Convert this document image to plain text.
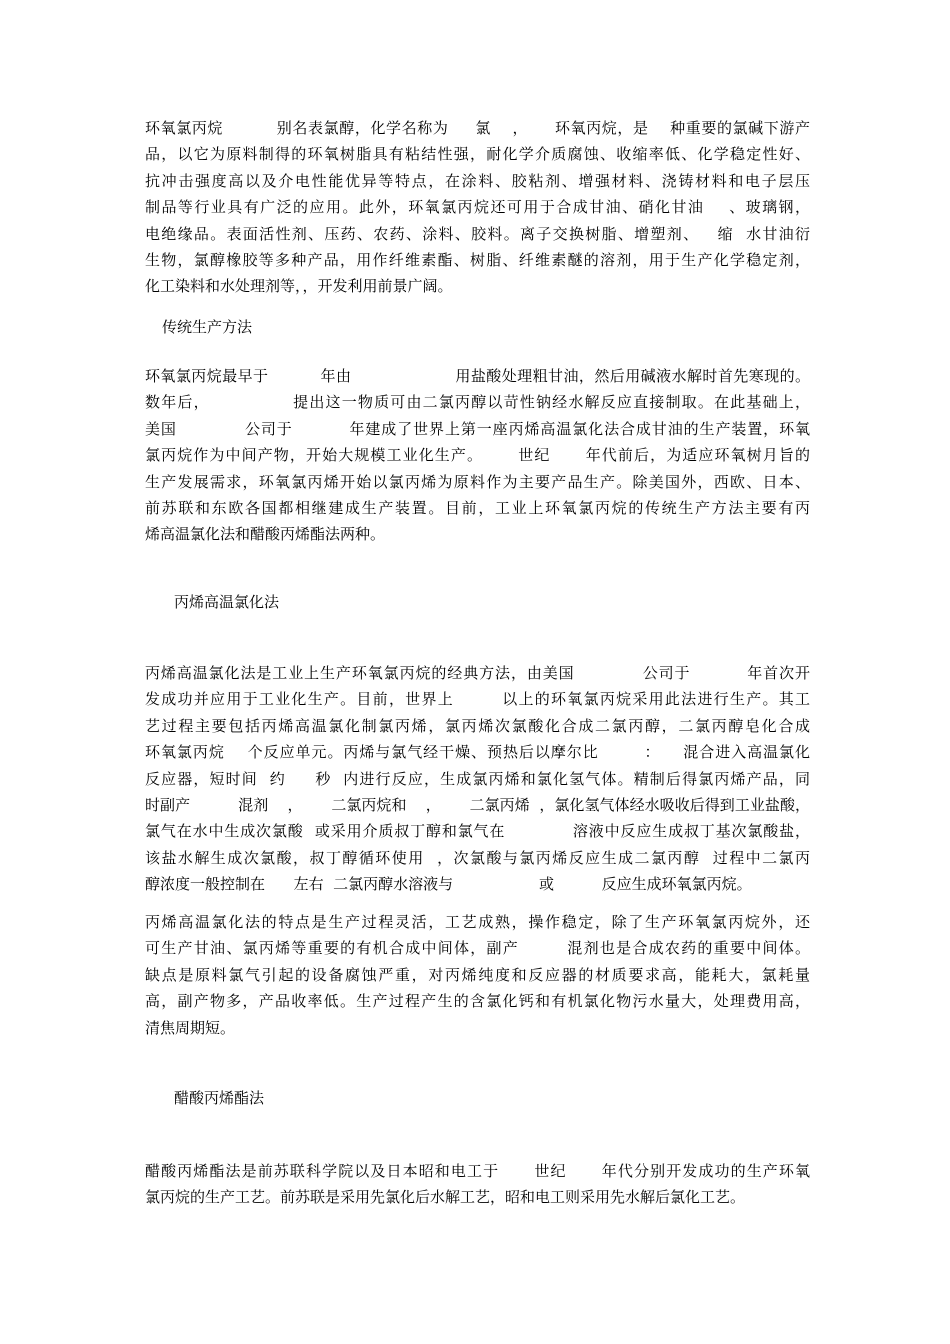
环氧氯丙烷          别名表氯醇，化学名称为     氯    ，     环氧丙烷，是    种重要的氯碱下游产
品，以它为原料制得的环氧树脂具有粘结性强，耐化学介质腐蚀、收缩率低、化学稳定性好、
抗冲击强度高以及介电性能优异等特点，在涂料、胶粘剂、增强材料、浇铸材料和电子层压
制品等行业具有广泛的应用。此外，环氧氯丙烷还可用于合成甘油、硝化甘油    、玻璃钢，
电绝缘品。表面活性剂、压药、农药、涂料、胶料。离子交换树脂、增塑剂、   缩  水甘油衍
生物，氯醇橡胶等多种产品，用作纤维素酯、树脂、纤维素醚的溶剂，用于生产化学稳定剂，
化工染料和水处理剂等，，开发利用前景广阔。
传统生产方法
环氧氯丙烷最早于          年由                    用盐酸处理粗甘油，然后用碱液水解时首先寒现的。
数年后，              提出这一物质可由二氯丙醇以苛性钠经水解反应直接制取。在此基础上，
美国            公司于          年建成了世界上第一座丙烯高温氯化法合成甘油的生产装置，环氧
氯丙烷作为中间产物，开始大规模工业化生产。      世纪      年代前后，为适应环氧树月旨的
生产发展需求，环氧氯丙烯开始以氯丙烯为原料作为主要产品生产。除美国外，西欧、日本、
前苏联和东欧各国都相继建成生产装置。目前，工业上环氧氯丙烷的传统生产方法主要有丙
烯高温氯化法和醋酸丙烯酯法两种。
丙烯高温氯化法
丙烯高温氯化法是工业上生产环氧氯丙烷的经典方法，由美国            公司于          年首次开
发成功并应用于工业化生产。目前，世界上        以上的环氧氯丙烷采用此法进行生产。其工
艺过程主要包括丙烯高温氯化制氯丙烯，氯丙烯次氯酸化合成二氯丙醇，二氯丙醇皂化合成
环氧氯丙烷    个反应单元。丙烯与氯气经干燥、预热后以摩尔比        ：    混合进入高温氯化
反应器，短时间  约     秒  内进行反应，生成氯丙烯和氯化氢气体。精制后得氯丙烯产品，同
时副产          混剂    ，      二氯丙烷和    ，      二氯丙烯  ，氯化氢气体经水吸收后得到工业盐酸，
氯气在水中生成次氯酸  或采用介质叔丁醇和氯气在            溶液中反应生成叔丁基次氯酸盐，
该盐水解生成次氯酸，叔丁醇循环使用  ，次氯酸与氯丙烯反应生成二氯丙醇  过程中二氯丙
醇浓度一般控制在      左右  二氯丙醇水溶液与                  或          反应生成环氧氯丙烷。
丙烯高温氯化法的特点是生产过程灵活，工艺成熟，操作稳定，除了生产环氧氯丙烷外，还
可生产甘油、氯丙烯等重要的有机合成中间体，副产        混剂也是合成农药的重要中间体。
缺点是原料氯气引起的设备腐蚀严重，对丙烯纯度和反应器的材质要求高，能耗大，氯耗量
高，副产物多，产品收率低。生产过程产生的含氯化钙和有机氯化物污水量大，处理费用高，
清焦周期短。
醋酸丙烯酯法
醋酸丙烯酯法是前苏联科学院以及日本昭和电工于      世纪      年代分别开发成功的生产环氧
氯丙烷的生产工艺。前苏联是采用先氯化后水解工艺，昭和电工则采用先水解后氯化工艺。
